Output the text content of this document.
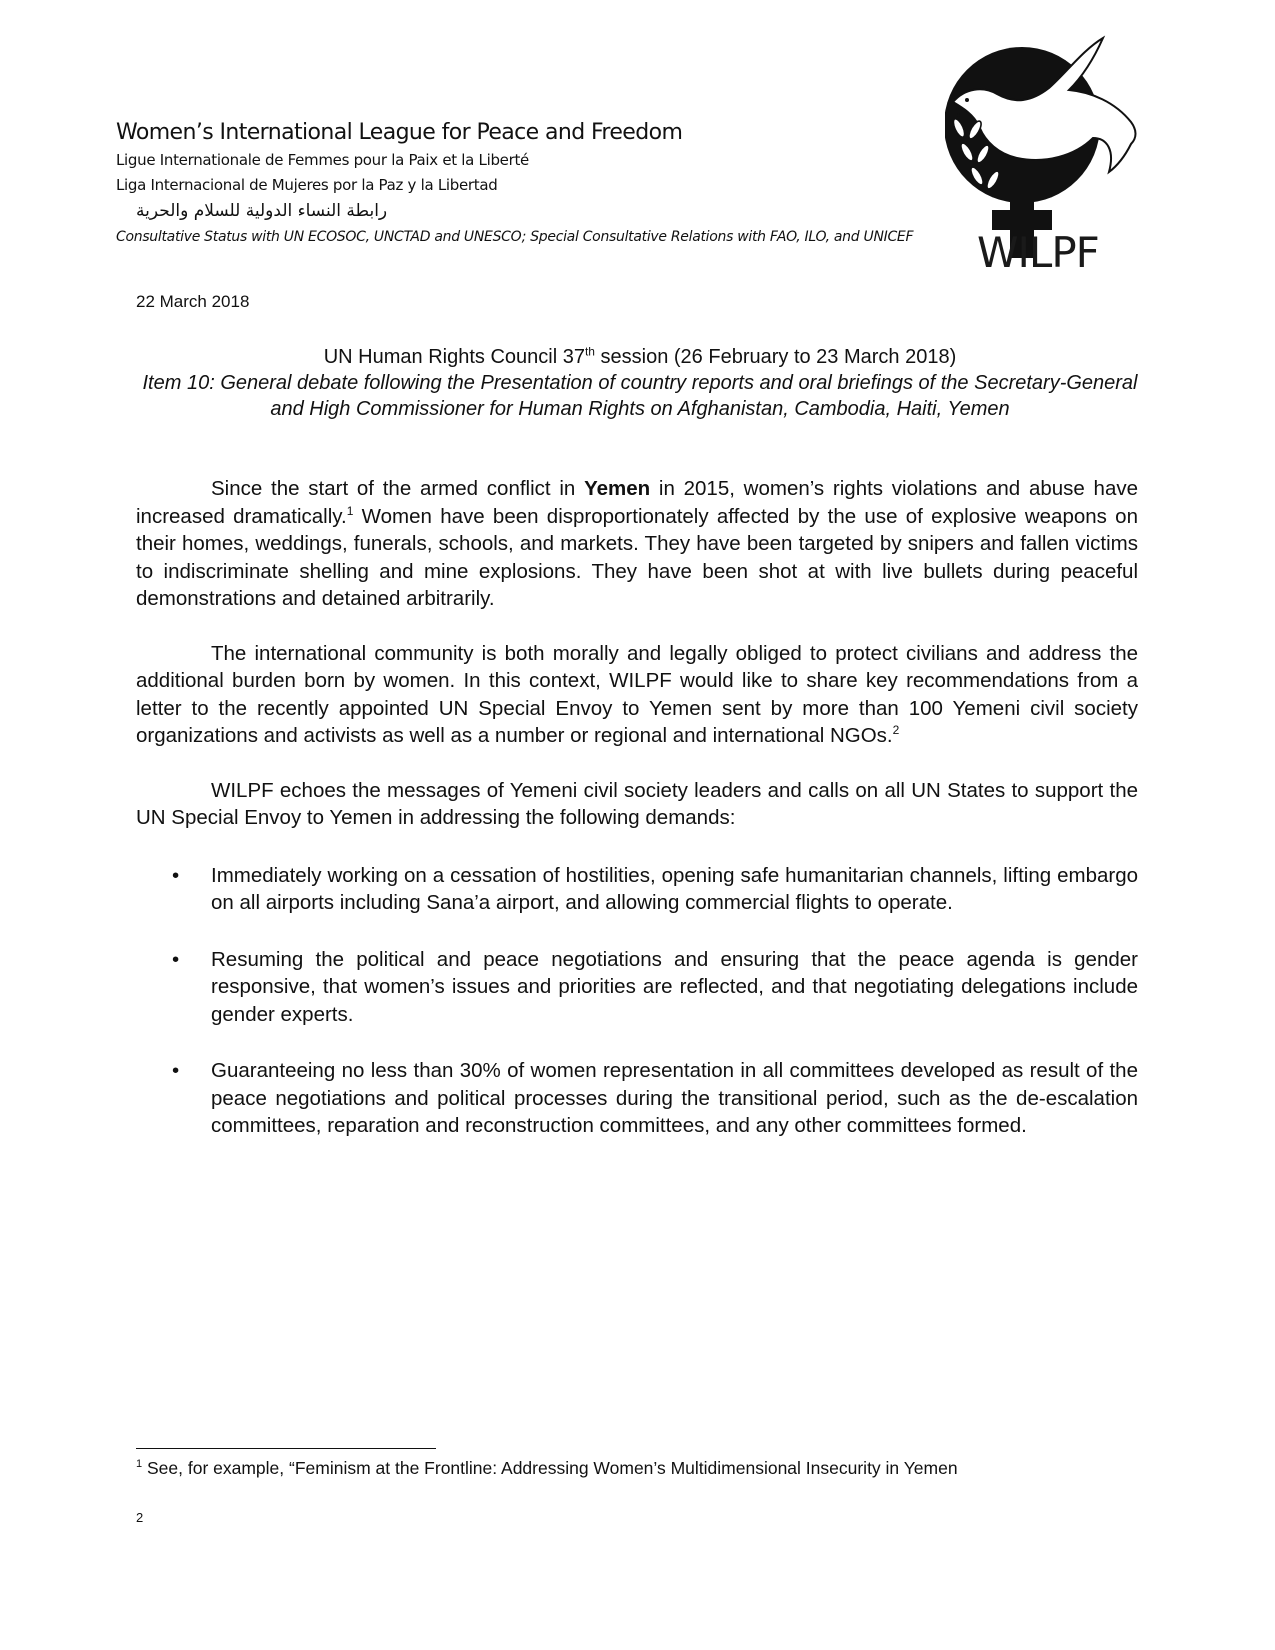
Women’s International League for Peace and Freedom

Ligue Internationale de Femmes pour la Paix et la Liberté

Liga Internacional de Mujeres por la Paz y la Libertad

رابطة النساء الدولية للسلام والحرية

Consultative Status with UN ECOSOC, UNCTAD and UNESCO; Special Consultative Relations with FAO, ILO, and UNICEF	WILPF
22 March 2018

UN Human Rights Council 37th session (26 February to 23 March 2018)

Item 10: General debate following the Presentation of country reports and oral briefings of the Secretary-General and High Commissioner for Human Rights on Afghanistan, Cambodia, Haiti, Yemen

Since the start of the armed conflict in Yemen in 2015, women’s rights violations and abuse have increased dramatically.$^1$ Women have been disproportionately affected by the use of explosive weapons on their homes, weddings, funerals, schools, and markets. They have been targeted by snipers and fallen victims to indiscriminate shelling and mine explosions. They have been shot at with live bullets during peaceful demonstrations and detained arbitrarily.

The international community is both morally and legally obliged to protect civilians and address the additional burden born by women. In this context, WILPF would like to share key recommendations from a letter to the recently appointed UN Special Envoy to Yemen sent by more than 100 Yemeni civil society organizations and activists as well as a number or regional and international NGOs.$^2$

WILPF echoes the messages of Yemeni civil society leaders and calls on all UN States to support the UN Special Envoy to Yemen in addressing the following demands:

• Immediately working on a cessation of hostilities, opening safe humanitarian channels, lifting embargo on all airports including Sana’a airport, and allowing commercial flights to operate.
• Resuming the political and peace negotiations and ensuring that the peace agenda is gender responsive, that women’s issues and priorities are reflected, and that negotiating delegations include gender experts.
• Guaranteeing no less than 30% of women representation in all committees developed as result of the peace negotiations and political processes during the transitional period, such as the de-escalation committees, reparation and reconstruction committees, and any other committees formed.
$^1$ See, for example, “Feminism at the Frontline: Addressing Women’s Multidimensional Insecurity in Yemen
2
